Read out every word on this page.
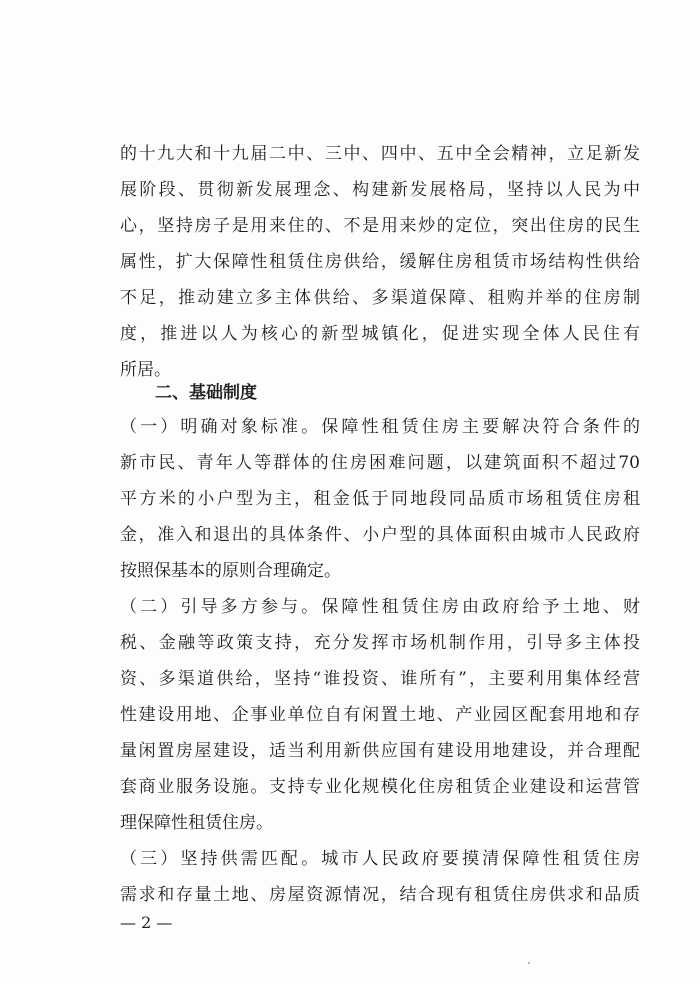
的十九大和十九届二中、三中、四中、五中全会精神，立足新发
展阶段、贯彻新发展理念、构建新发展格局，坚持以人民为中
心，坚持房子是用来住的、不是用来炒的定位，突出住房的民生
属性，扩大保障性租赁住房供给，缓解住房租赁市场结构性供给
不足，推动建立多主体供给、多渠道保障、租购并举的住房制
度，推进以人为核心的新型城镇化，促进实现全体人民住有
所居。
二、基础制度
（一）明确对象标准。保障性租赁住房主要解决符合条件的
新市民、青年人等群体的住房困难问题，以建筑面积不超过70
平方米的小户型为主，租金低于同地段同品质市场租赁住房租
金，准入和退出的具体条件、小户型的具体面积由城市人民政府
按照保基本的原则合理确定。
（二）引导多方参与。保障性租赁住房由政府给予土地、财
税、金融等政策支持，充分发挥市场机制作用，引导多主体投
资、多渠道供给，坚持“谁投资、谁所有”，主要利用集体经营
性建设用地、企事业单位自有闲置土地、产业园区配套用地和存
量闲置房屋建设，适当利用新供应国有建设用地建设，并合理配
套商业服务设施。支持专业化规模化住房租赁企业建设和运营管
理保障性租赁住房。
（三）坚持供需匹配。城市人民政府要摸清保障性租赁住房
需求和存量土地、房屋资源情况，结合现有租赁住房供求和品质
— 2 —
